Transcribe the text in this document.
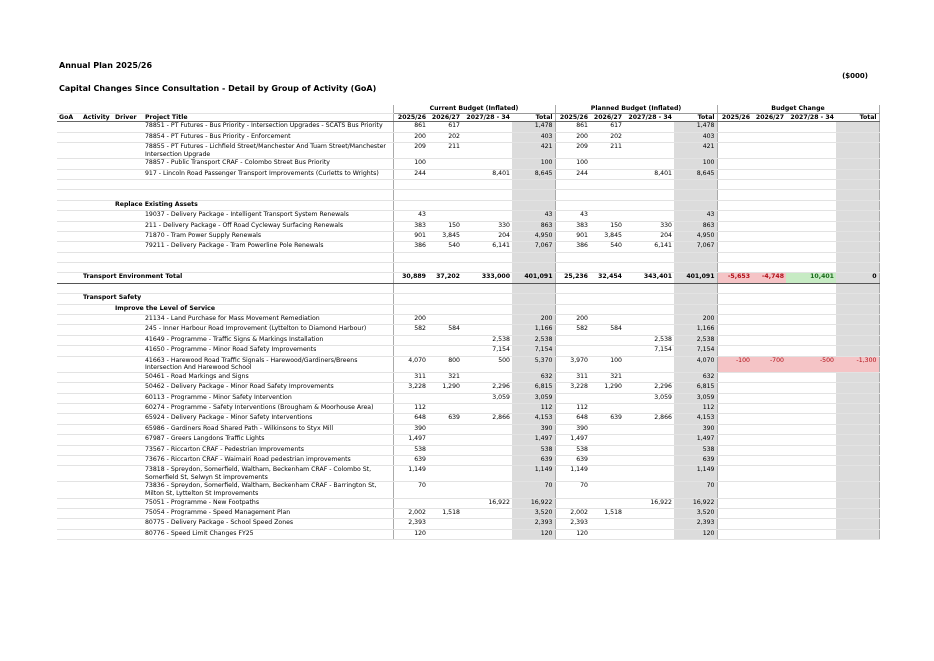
Annual Plan 2025/26
($000)
Capital Changes Since Consultation - Detail by Group of Activity (GoA)
				Current Budget (Inflated)				Planned Budget (Inflated)				Budget Change			
GoA	Activity	Driver	Project Title	2025/26	2026/27	2027/28 - 34	Total	2025/26	2026/27	2027/28 - 34	Total	2025/26	2026/27	2027/28 - 34	Total
			78851 - PT Futures - Bus Priority - Intersection Upgrades - SCATS Bus Priority	861	617		1,478	861	617		1,478				
			78854 - PT Futures - Bus Priority - Enforcement	200	202		403	200	202		403				
			78855 - PT Futures - Lichfield Street/Manchester And Tuam Street/Manchester Intersection Upgrade	209	211		421	209	211		421				
			78857 - Public Transport CRAF - Colombo Street Bus Priority	100			100	100			100				
			917 - Lincoln Road Passenger Transport Improvements (Curletts to Wrights)	244		8,401	8,645	244		8,401	8,645				

		Replace Existing Assets													
			19037 - Delivery Package - Intelligent Transport System Renewals	43			43	43			43				
			211 - Delivery Package - Off Road Cycleway Surfacing Renewals	383	150	330	863	383	150	330	863				
			71870 - Tram Power Supply Renewals	901	3,845	204	4,950	901	3,845	204	4,950				
			79211 - Delivery Package - Tram Powerline Pole Renewals	386	540	6,141	7,067	386	540	6,141	7,067				

	Transport Environment Total			30,889	37,202	333,000	401,091	25,236	32,454	343,401	401,091	-5,653	-4,748	10,401	0

	Transport Safety														
		Improve the Level of Service													
			21134 - Land Purchase for Mass Movement Remediation	200			200	200			200				
			245 - Inner Harbour Road Improvement (Lyttelton to Diamond Harbour)	582	584		1,166	582	584		1,166				
			41649 - Programme - Traffic Signs & Markings Installation			2,538	2,538			2,538	2,538				
			41650 - Programme - Minor Road Safety Improvements			7,154	7,154			7,154	7,154				
			41663 - Harewood Road Traffic Signals - Harewood/Gardiners/Breens Intersection And Harewood School	4,070	800	500	5,370	3,970	100		4,070	-100	-700	-500	-1,300
			50461 - Road Markings and Signs	311	321		632	311	321		632				
			50462 - Delivery Package - Minor Road Safety Improvements	3,228	1,290	2,296	6,815	3,228	1,290	2,296	6,815				
			60113 - Programme - Minor Safety Intervention			3,059	3,059			3,059	3,059				
			60274 - Programme - Safety Interventions (Brougham & Moorhouse Area)	112			112	112			112				
			65924 - Delivery Package - Minor Safety Interventions	648	639	2,866	4,153	648	639	2,866	4,153				
			65986 - Gardiners Road Shared Path - Wilkinsons to Styx Mill	390			390	390			390				
			67987 - Greers Langdons Traffic Lights	1,497			1,497	1,497			1,497				
			73567 - Riccarton CRAF - Pedestrian Improvements	538			538	538			538				
			73676 - Riccarton CRAF - Waimairi Road pedestrian improvements	639			639	639			639				
			73818 - Spreydon, Somerfield, Waltham, Beckenham CRAF - Colombo St, Somerfield St, Selwyn St improvements	1,149			1,149	1,149			1,149				
			73836 - Spreydon, Somerfield, Waltham, Beckenham CRAF - Barrington St, Milton St, Lyttelton St Improvements	70			70	70			70				
			75051 - Programme - New Footpaths			16,922	16,922			16,922	16,922				
			75054 - Programme - Speed Management Plan	2,002	1,518		3,520	2,002	1,518		3,520				
			80775 - Delivery Package - School Speed Zones	2,393			2,393	2,393			2,393				
			80776 - Speed Limit Changes FY25	120			120	120			120				
